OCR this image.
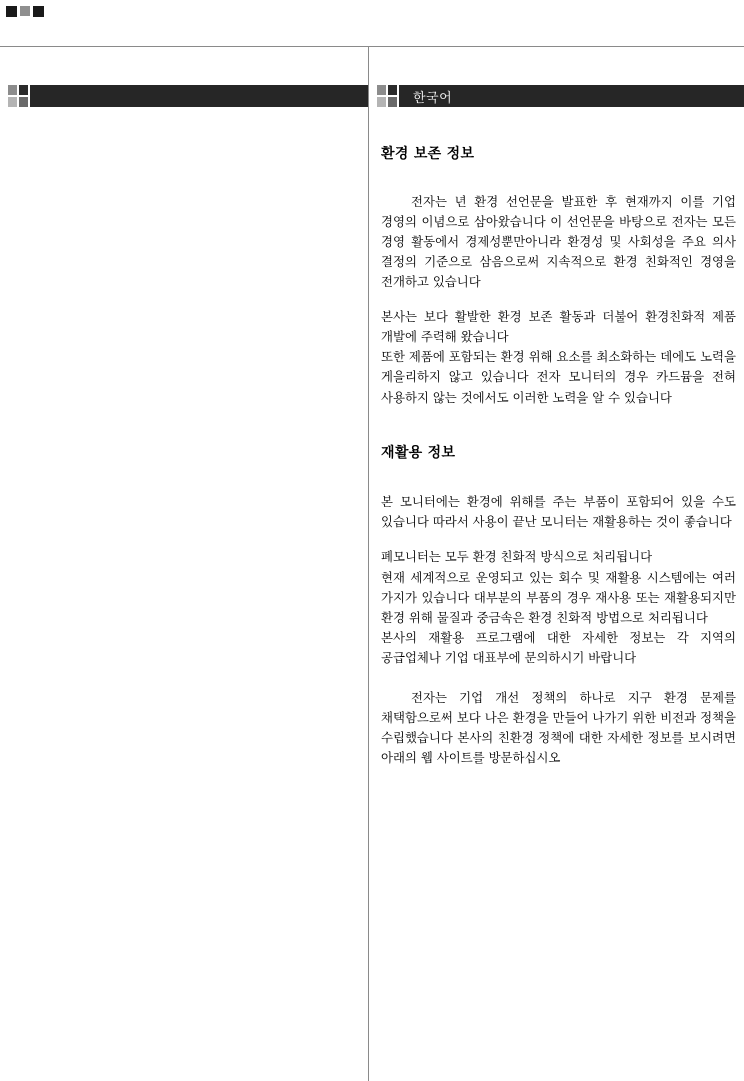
한국어
환경 보존 정보

전자는 년 환경 선언문을 발표한 후 현재까지 이를 기업 경영의 이념으로 삼아왔습니다 이 선언문을 바탕으로 전자는 모든 경영 활동에서 경제성뿐만아니라 환경성 및 사회성을 주요 의사 결정의 기준으로 삼음으로써 지속적으로 환경 친화적인 경영을 전개하고 있습니다

본사는 보다 활발한 환경 보존 활동과 더불어 환경친화적 제품 개발에 주력해 왔습니다

또한 제품에 포함되는 환경 위해 요소를 최소화하는 데에도 노력을 게을리하지 않고 있습니다 전자 모니터의 경우 카드뮴을 전혀 사용하지 않는 것에서도 이러한 노력을 알 수 있습니다

재활용 정보

본 모니터에는 환경에 위해를 주는 부품이 포함되어 있을 수도 있습니다 따라서 사용이 끝난 모니터는 재활용하는 것이 좋습니다

폐모니터는 모두 환경 친화적 방식으로 처리됩니다

현재 세계적으로 운영되고 있는 회수 및 재활용 시스템에는 여러 가지가 있습니다 대부분의 부품의 경우 재사용 또는 재활용되지만 환경 위해 물질과 중금속은 환경 친화적 방법으로 처리됩니다

본사의 재활용 프로그램에 대한 자세한 정보는 각 지역의 공급업체나 기업 대표부에 문의하시기 바랍니다

전자는 기업 개선 정책의 하나로 지구 환경 문제를 채택함으로써 보다 나은 환경을 만들어 나가기 위한 비전과 정책을 수립했습니다 본사의 친환경 정책에 대한 자세한 정보를 보시려면 아래의 웹 사이트를 방문하십시오
